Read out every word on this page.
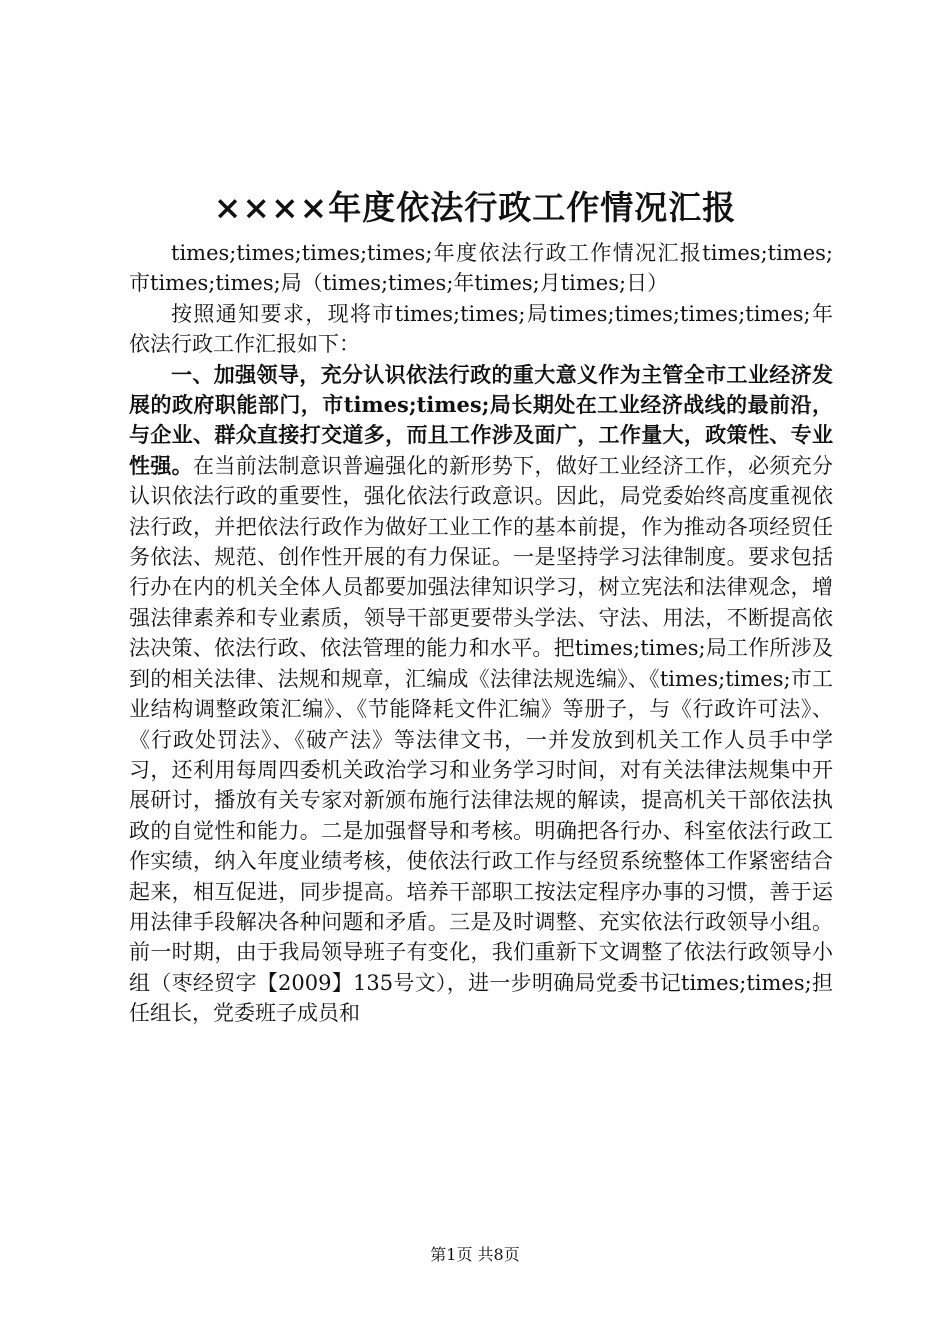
××××年度依法行政工作情况汇报

times;times;times;times;年度依法行政工作情况汇报times;times;市times;times;局（times;times;年times;月times;日）

按照通知要求，现将市times;times;局times;times;times;times;年依法行政工作汇报如下：

一、加强领导，充分认识依法行政的重大意义作为主管全市工业经济发展的政府职能部门，市times;times;局长期处在工业经济战线的最前沿，与企业、群众直接打交道多，而且工作涉及面广，工作量大，政策性、专业性强。在当前法制意识普遍强化的新形势下，做好工业经济工作，必须充分认识依法行政的重要性，强化依法行政意识。因此，局党委始终高度重视依法行政，并把依法行政作为做好工业工作的基本前提，作为推动各项经贸任务依法、规范、创作性开展的有力保证。一是坚持学习法律制度。要求包括行办在内的机关全体人员都要加强法律知识学习，树立宪法和法律观念，增强法律素养和专业素质，领导干部更要带头学法、守法、用法，不断提高依法决策、依法行政、依法管理的能力和水平。把times;times;局工作所涉及到的相关法律、法规和规章，汇编成《法律法规选编》、《times;times;市工业结构调整政策汇编》、《节能降耗文件汇编》等册子，与《行政许可法》、《行政处罚法》、《破产法》等法律文书，一并发放到机关工作人员手中学习，还利用每周四委机关政治学习和业务学习时间，对有关法律法规集中开展研讨，播放有关专家对新颁布施行法律法规的解读，提高机关干部依法执政的自觉性和能力。二是加强督导和考核。明确把各行办、科室依法行政工作实绩，纳入年度业绩考核，使依法行政工作与经贸系统整体工作紧密结合起来，相互促进，同步提高。培养干部职工按法定程序办事的习惯，善于运用法律手段解决各种问题和矛盾。三是及时调整、充实依法行政领导小组。前一时期，由于我局领导班子有变化，我们重新下文调整了依法行政领导小组（枣经贸字【2009】135号文），进一步明确局党委书记times;times;担任组长，党委班子成员和

第1页 共8页
